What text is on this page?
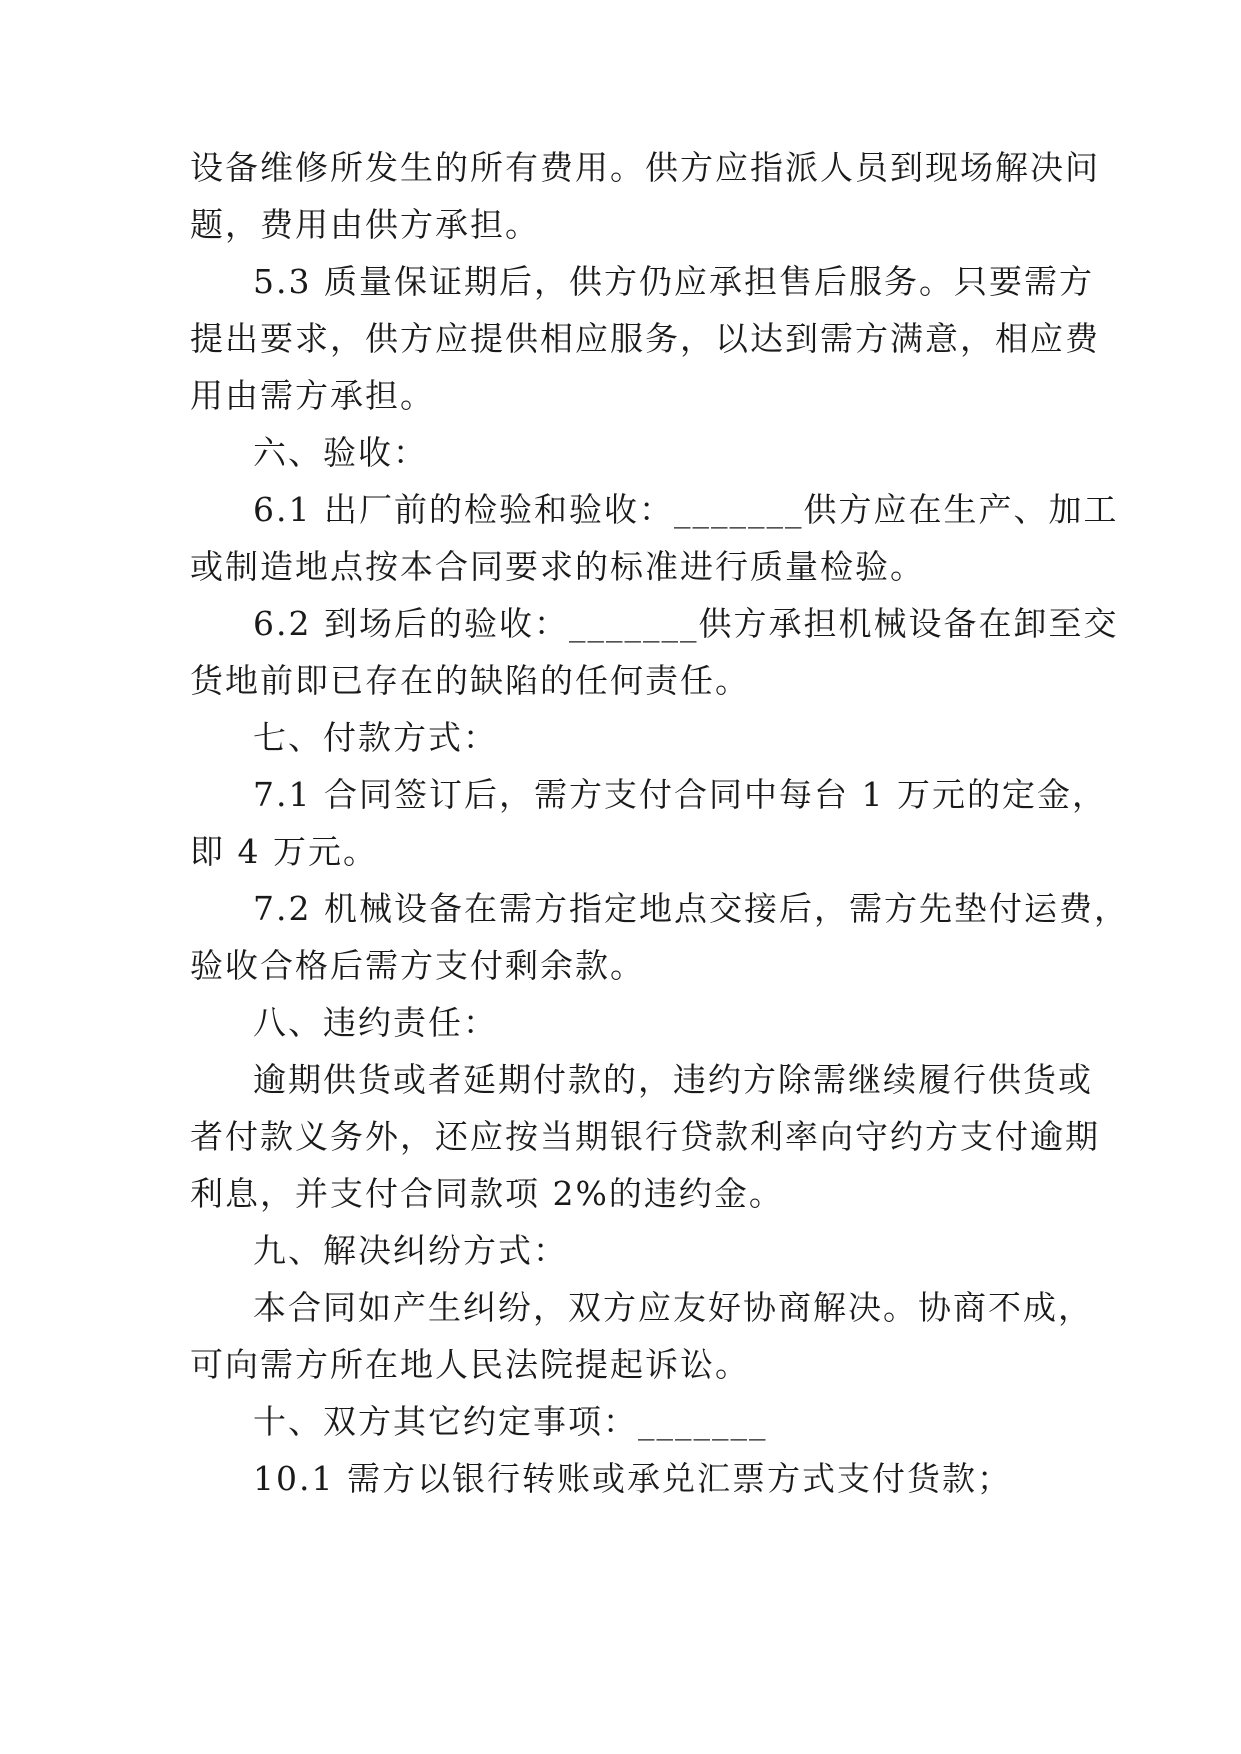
设备维修所发生的所有费用。供方应指派人员到现场解决问
题，费用由供方承担。
5.3 质量保证期后，供方仍应承担售后服务。只要需方
提出要求，供方应提供相应服务，以达到需方满意，相应费
用由需方承担。
六、验收：
6.1 出厂前的检验和验收：_______供方应在生产、加工
或制造地点按本合同要求的标准进行质量检验。
6.2 到场后的验收：_______供方承担机械设备在卸至交
货地前即已存在的缺陷的任何责任。
七、付款方式：
7.1 合同签订后，需方支付合同中每台 1 万元的定金，
即 4 万元。
7.2 机械设备在需方指定地点交接后，需方先垫付运费，
验收合格后需方支付剩余款。
八、违约责任：
逾期供货或者延期付款的，违约方除需继续履行供货或
者付款义务外，还应按当期银行贷款利率向守约方支付逾期
利息，并支付合同款项 2%的违约金。
九、解决纠纷方式：
本合同如产生纠纷，双方应友好协商解决。协商不成，
可向需方所在地人民法院提起诉讼。
十、双方其它约定事项：_______
10.1 需方以银行转账或承兑汇票方式支付货款；
